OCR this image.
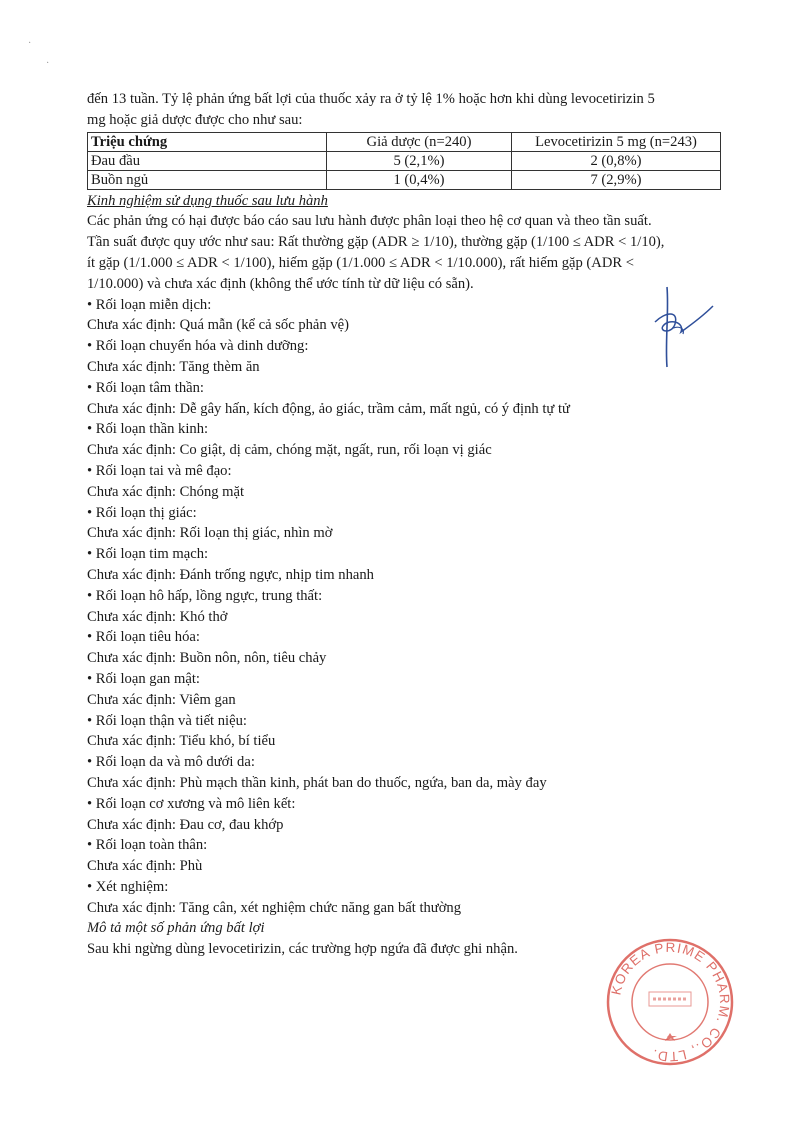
·
·

đến 13 tuần. Tỷ lệ phản ứng bất lợi của thuốc xảy ra ở tỷ lệ 1% hoặc hơn khi dùng levocetirizin 5

mg hoặc giả dược được cho như sau:

Triệu chứng	Giả dược (n=240)	Levocetirizin 5 mg (n=243)
Đau đầu	5 (2,1%)	2 (0,8%)
Buồn ngủ	1 (0,4%)	7 (2,9%)

Kinh nghiệm sử dụng thuốc sau lưu hành

Các phản ứng có hại được báo cáo sau lưu hành được phân loại theo hệ cơ quan và theo tần suất.

Tần suất được quy ước như sau: Rất thường gặp (ADR ≥ 1/10), thường gặp (1/100 ≤ ADR < 1/10),

ít gặp (1/1.000 ≤ ADR < 1/100), hiếm gặp (1/1.000 ≤ ADR < 1/10.000), rất hiếm gặp (ADR <

1/10.000) và chưa xác định (không thể ước tính từ dữ liệu có sẵn).

• Rối loạn miễn dịch:

Chưa xác định: Quá mẫn (kể cả sốc phản vệ)

• Rối loạn chuyển hóa và dinh dưỡng:

Chưa xác định: Tăng thèm ăn

• Rối loạn tâm thần:

Chưa xác định: Dễ gây hấn, kích động, ảo giác, trầm cảm, mất ngủ, có ý định tự tử

• Rối loạn thần kinh:

Chưa xác định: Co giật, dị cảm, chóng mặt, ngất, run, rối loạn vị giác

• Rối loạn tai và mê đạo:

Chưa xác định: Chóng mặt

• Rối loạn thị giác:

Chưa xác định: Rối loạn thị giác, nhìn mờ

• Rối loạn tim mạch:

Chưa xác định: Đánh trống ngực, nhịp tim nhanh

• Rối loạn hô hấp, lồng ngực, trung thất:

Chưa xác định: Khó thở

• Rối loạn tiêu hóa:

Chưa xác định: Buồn nôn, nôn, tiêu chảy

• Rối loạn gan mật:

Chưa xác định: Viêm gan

• Rối loạn thận và tiết niệu:

Chưa xác định: Tiểu khó, bí tiểu

• Rối loạn da và mô dưới da:

Chưa xác định: Phù mạch thần kinh, phát ban do thuốc, ngứa, ban da, mày đay

• Rối loạn cơ xương và mô liên kết:

Chưa xác định: Đau cơ, đau khớp

• Rối loạn toàn thân:

Chưa xác định: Phù

• Xét nghiệm:

Chưa xác định: Tăng cân, xét nghiệm chức năng gan bất thường

Mô tả một số phản ứng bất lợi

Sau khi ngừng dùng levocetirizin, các trường hợp ngứa đã được ghi nhận.

KOREA PRIME PHARM. CO., LTD.
